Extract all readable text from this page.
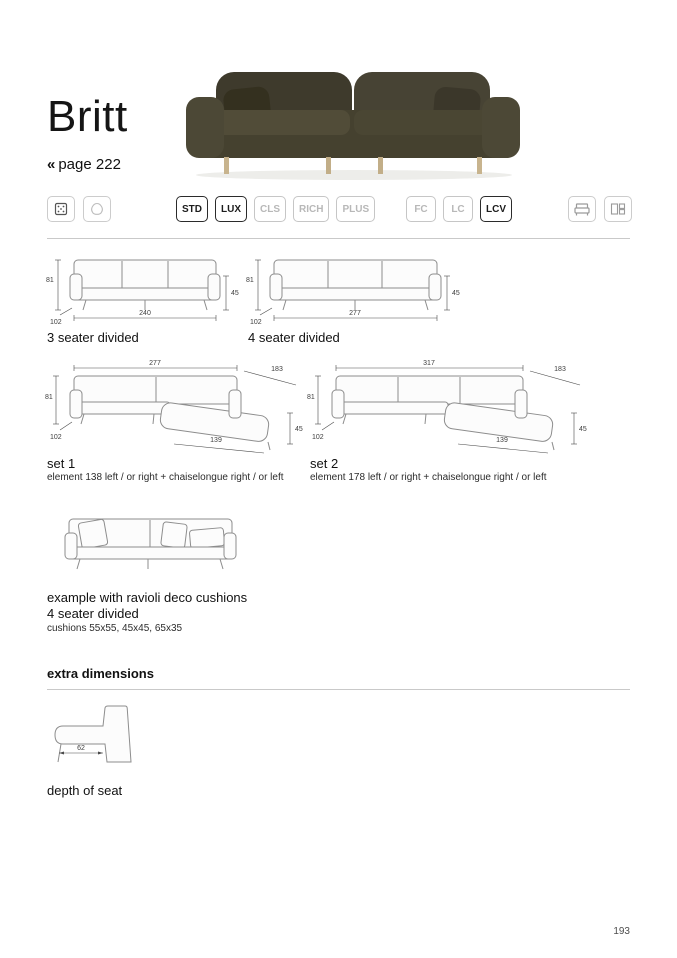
Britt
« page 222
STD	LUX	CLS	RICH	PLUS	FC	LC	LCV
81
45
102
240
3 seater divided
81
45
102
277
4 seater divided
277
183
81
45
102	139
set 1
element 138 left / or right + chaiselongue right / or left
317
183
81
45
102	139
set 2
element 178 left / or right + chaiselongue right / or left
example with ravioli deco cushions
4 seater divided
cushions 55x55, 45x45, 65x35
extra dimensions
62
depth of seat
193
